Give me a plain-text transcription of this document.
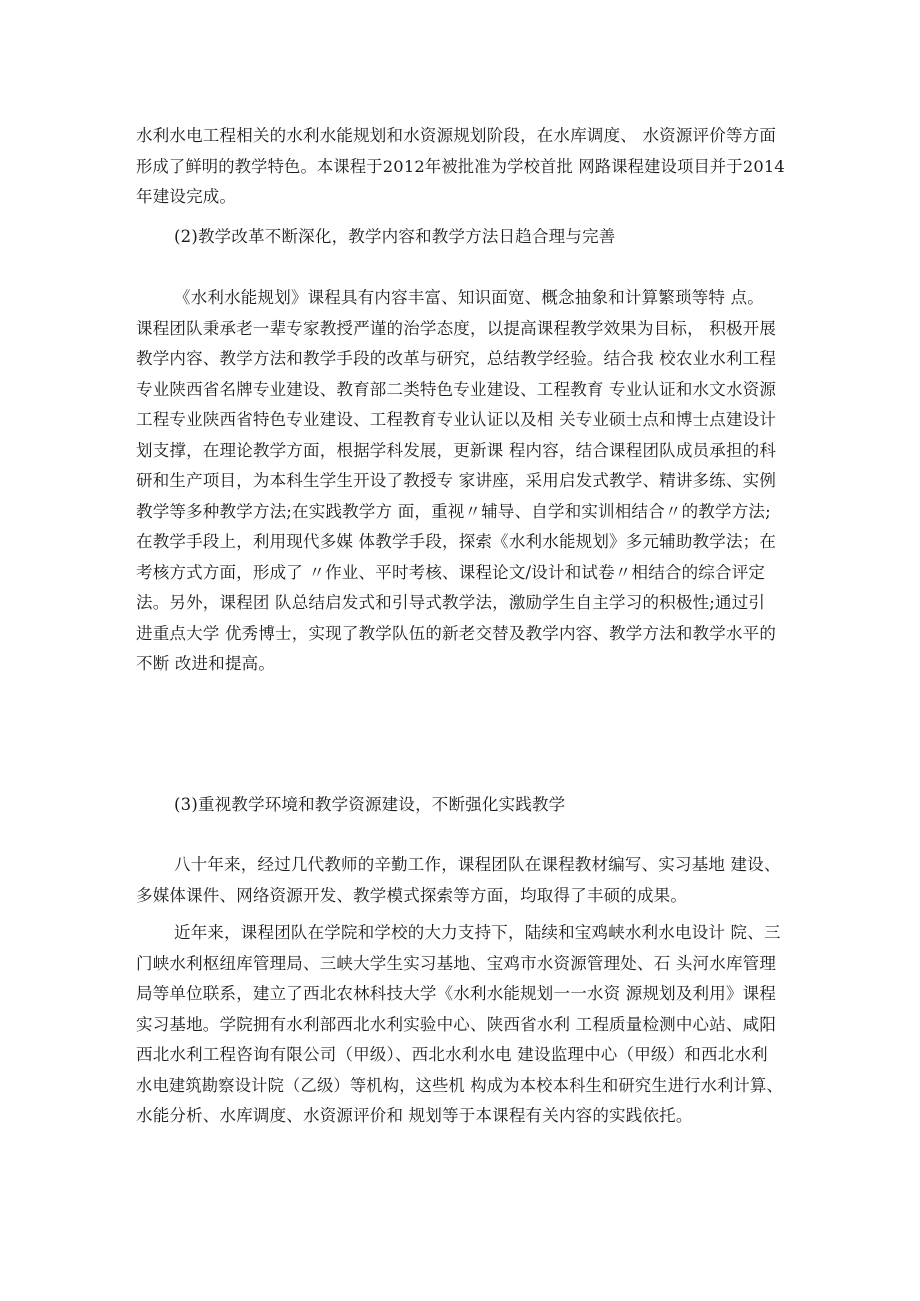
水利水电工程相关的水利水能规划和水资源规划阶段，在水库调度、 水资源评价等方面
形成了鲜明的教学特色。本课程于2012年被批准为学校首批 网路课程建设项目并于2014
年建设完成。
(2)教学改革不断深化，教学内容和教学方法日趋合理与完善
《水利水能规划》课程具有内容丰富、知识面宽、概念抽象和计算繁琐等特 点。
课程团队秉承老一辈专家教授严谨的治学态度，以提高课程教学效果为目标， 积极开展
教学内容、教学方法和教学手段的改革与研究，总结教学经验。结合我 校农业水利工程
专业陕西省名牌专业建设、教育部二类特色专业建设、工程教育 专业认证和水文水资源
工程专业陕西省特色专业建设、工程教育专业认证以及相 关专业硕士点和博士点建设计
划支撑，在理论教学方面，根据学科发展，更新课 程内容，结合课程团队成员承担的科
研和生产项目，为本科生学生开设了教授专 家讲座，采用启发式教学、精讲多练、实例
教学等多种教学方法;在实践教学方 面，重视〃辅导、自学和实训相结合〃的教学方法;
在教学手段上，利用现代多媒 体教学手段，探索《水利水能规划》多元辅助教学法；在
考核方式方面，形成了 〃作业、平时考核、课程论文/设计和试卷〃相结合的综合评定
法。另外，课程团 队总结启发式和引导式教学法，激励学生自主学习的积极性;通过引
进重点大学 优秀博士，实现了教学队伍的新老交替及教学内容、教学方法和教学水平的
不断 改进和提高。
(3)重视教学环境和教学资源建设，不断强化实践教学
八十年来，经过几代教师的辛勤工作，课程团队在课程教材编写、实习基地 建设、
多媒体课件、网络资源开发、教学模式探索等方面，均取得了丰硕的成果。
近年来，课程团队在学院和学校的大力支持下，陆续和宝鸡峡水利水电设计 院、三
门峡水利枢纽库管理局、三峡大学生实习基地、宝鸡市水资源管理处、石 头河水库管理
局等单位联系，建立了西北农林科技大学《水利水能规划一一水资 源规划及利用》课程
实习基地。学院拥有水利部西北水利实验中心、陕西省水利 工程质量检测中心站、咸阳
西北水利工程咨询有限公司（甲级）、西北水利水电 建设监理中心（甲级）和西北水利
水电建筑勘察设计院（乙级）等机构，这些机 构成为本校本科生和研究生进行水利计算、
水能分析、水库调度、水资源评价和 规划等于本课程有关内容的实践依托。
